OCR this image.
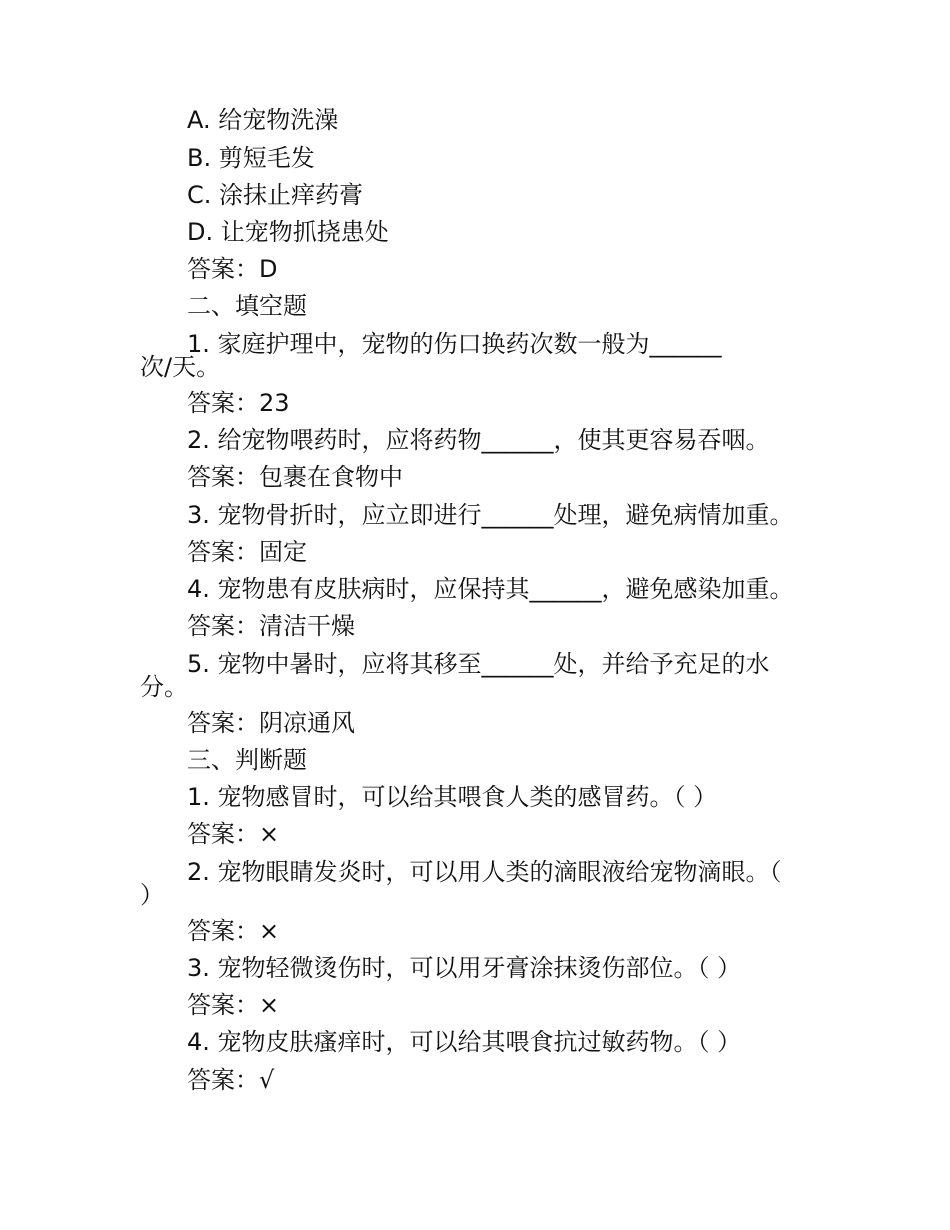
A. 给宠物洗澡
B. 剪短毛发
C. 涂抹止痒药膏
D. 让宠物抓挠患处
答案：D
二、填空题
1. 家庭护理中，宠物的伤口换药次数一般为______
次/天。
答案：23
2. 给宠物喂药时，应将药物______，使其更容易吞咽。
答案：包裹在食物中
3. 宠物骨折时，应立即进行______处理，避免病情加重。
答案：固定
4. 宠物患有皮肤病时，应保持其______，避免感染加重。
答案：清洁干燥
5. 宠物中暑时，应将其移至______处，并给予充足的水
分。
答案：阴凉通风
三、判断题
1. 宠物感冒时，可以给其喂食人类的感冒药。（ ）
答案：×
2. 宠物眼睛发炎时，可以用人类的滴眼液给宠物滴眼。（
）
答案：×
3. 宠物轻微烫伤时，可以用牙膏涂抹烫伤部位。（ ）
答案：×
4. 宠物皮肤瘙痒时，可以给其喂食抗过敏药物。（ ）
答案：√
